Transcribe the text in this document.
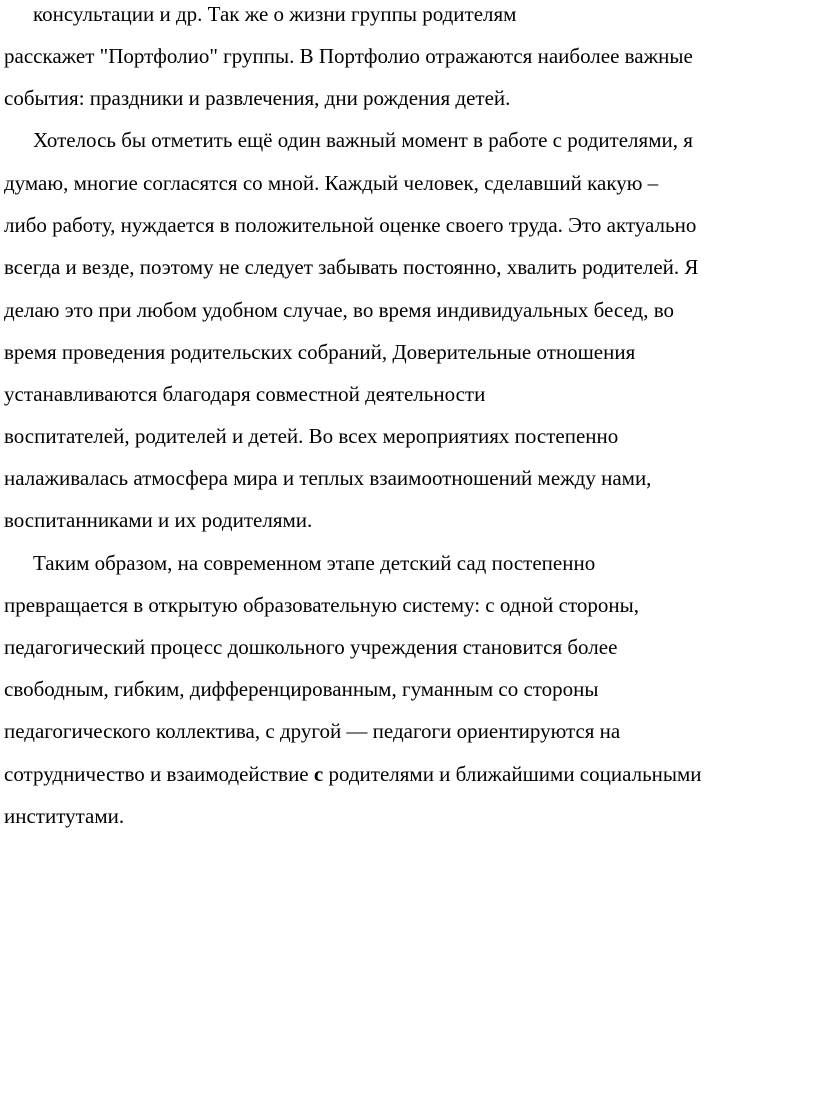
консультации и др. Так же о жизни группы родителям
расскажет "Портфолио" группы. В Портфолио отражаются наиболее важные
события: праздники и развлечения, дни рождения детей.
Хотелось бы отметить ещё один важный момент в работе с родителями, я
думаю, многие согласятся со мной. Каждый человек, сделавший какую –
либо работу, нуждается в положительной оценке своего труда. Это актуально
всегда и везде, поэтому не следует забывать постоянно, хвалить родителей. Я
делаю это при любом удобном случае, во время индивидуальных бесед, во
время проведения родительских собраний, Доверительные отношения
устанавливаются благодаря совместной деятельности
воспитателей, родителей и детей. Во всех мероприятиях постепенно
налаживалась атмосфера мира и теплых взаимоотношений между нами,
воспитанниками и их родителями.
Таким образом, на современном этапе детский сад постепенно
превращается в открытую образовательную систему: с одной стороны,
педагогический процесс дошкольного учреждения становится более
свободным, гибким, дифференцированным, гуманным со стороны
педагогического коллектива, с другой — педагоги ориентируются на
сотрудничество и взаимодействие с родителями и ближайшими социальными
институтами.
